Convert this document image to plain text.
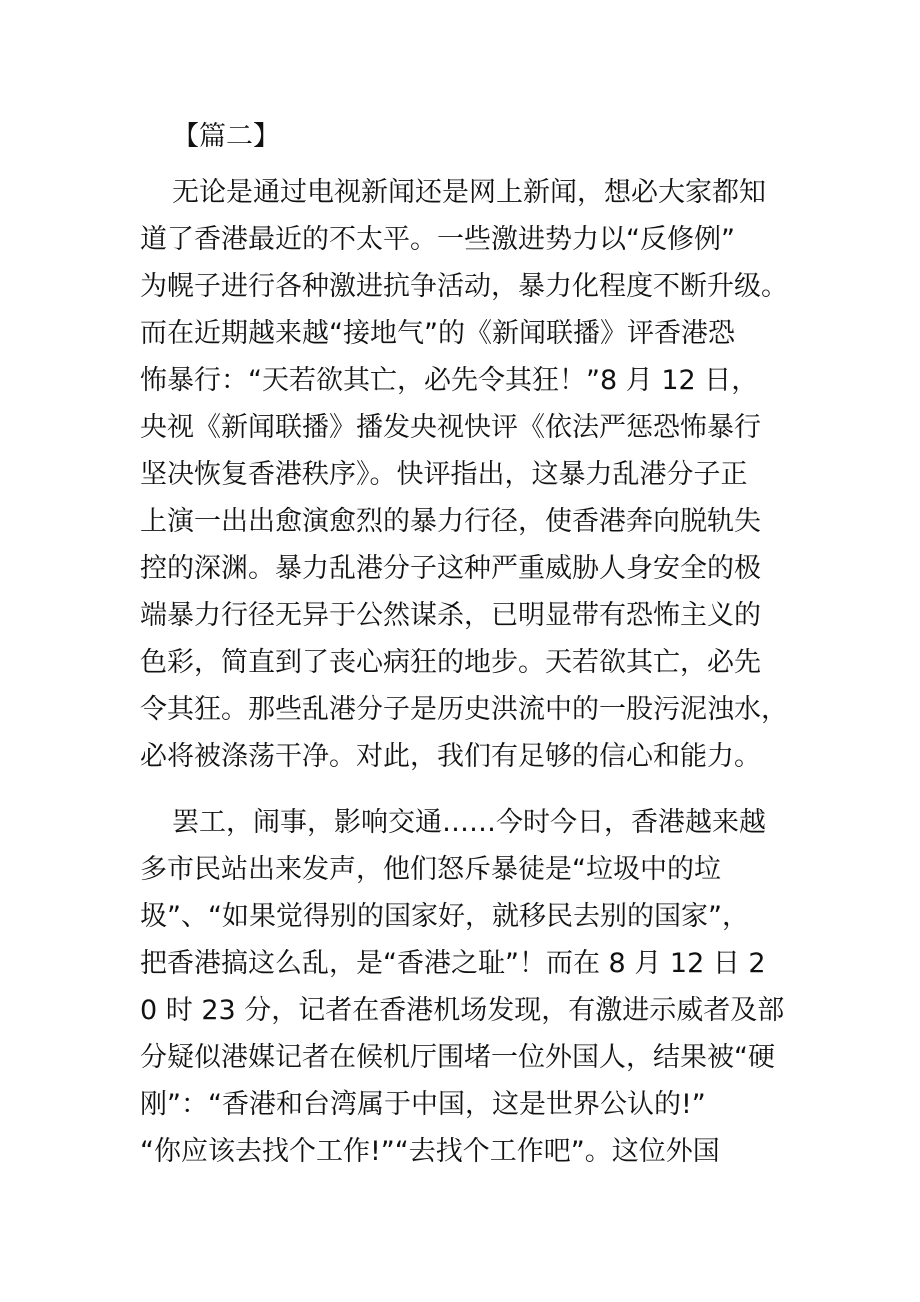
【篇二】
无论是通过电视新闻还是网上新闻，想必大家都知
道了香港最近的不太平。一些激进势力以“反修例”
为幌子进行各种激进抗争活动，暴力化程度不断升级。
而在近期越来越“接地气”的《新闻联播》评香港恐
怖暴行：“天若欲其亡，必先令其狂！”8 月 12 日，
央视《新闻联播》播发央视快评《依法严惩恐怖暴行
坚决恢复香港秩序》。快评指出，这暴力乱港分子正
上演一出出愈演愈烈的暴力行径，使香港奔向脱轨失
控的深渊。暴力乱港分子这种严重威胁人身安全的极
端暴力行径无异于公然谋杀，已明显带有恐怖主义的
色彩，简直到了丧心病狂的地步。天若欲其亡，必先
令其狂。那些乱港分子是历史洪流中的一股污泥浊水，
必将被涤荡干净。对此，我们有足够的信心和能力。
罢工，闹事，影响交通……今时今日，香港越来越
多市民站出来发声，他们怒斥暴徒是“垃圾中的垃
圾”、“如果觉得别的国家好，就移民去别的国家”，
把香港搞这么乱，是“香港之耻”！而在 8 月 12 日 2
0 时 23 分，记者在香港机场发现，有激进示威者及部
分疑似港媒记者在候机厅围堵一位外国人，结果被“硬
刚”：“香港和台湾属于中国，这是世界公认的!”
“你应该去找个工作!”“去找个工作吧”。这位外国
